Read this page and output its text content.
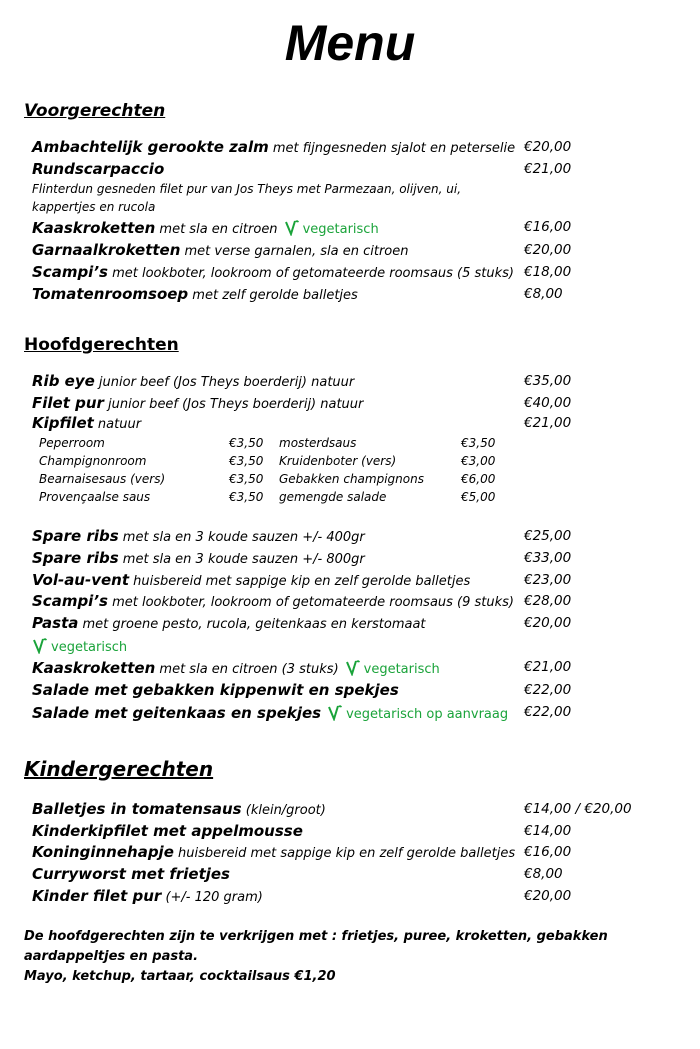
Menu
Voorgerechten
Ambachtelijk gerookte zalm met fijngesneden sjalot en peterselie €20,00
Rundscarpaccio	€21,00
Flinterdun gesneden filet pur van Jos Theys met Parmezaan, olijven, ui, kappertjes en rucola
Kaaskroketten met sla en citroen vegetarisch	€16,00
Garnaalkroketten met verse garnalen, sla en citroen	€20,00
Scampi’s met lookboter, lookroom of getomateerde roomsaus (5 stuks) €18,00
Tomatenroomsoep met zelf gerolde balletjes	€8,00
Hoofdgerechten
Rib eye junior beef (Jos Theys boerderij) natuur	€35,00
Filet pur junior beef (Jos Theys boerderij) natuur	€40,00
Kipfilet natuur	€21,00
Peperroom	€3,50 mosterdsaus	€3,50
Champignonroom	€3,50 Kruidenboter (vers)	€3,00
Bearnaisesaus (vers)	€3,50 Gebakken champignons	€6,00
Provençaalse saus	€3,50 gemengde salade	€5,00
Spare ribs met sla en 3 koude sauzen +/- 400gr	€25,00
Spare ribs met sla en 3 koude sauzen +/- 800gr	€33,00
Vol-au-vent huisbereid met sappige kip en zelf gerolde balletjes	€23,00
Scampi’s met lookboter, lookroom of getomateerde roomsaus (9 stuks) €28,00
Pasta met groene pesto, rucola, geitenkaas en kerstomaat	€20,00
vegetarisch
Kaaskroketten met sla en citroen (3 stuks) vegetarisch	€21,00
Salade met gebakken kippenwit en spekjes	€22,00
Salade met geitenkaas en spekjes vegetarisch op aanvraag €22,00
Kindergerechten
Balletjes in tomatensaus (klein/groot)	€14,00 / €20,00
Kinderkipfilet met appelmousse	€14,00
Koninginnehapje huisbereid met sappige kip en zelf gerolde balletjes €16,00
Curryworst met frietjes	€8,00
Kinder filet pur (+/- 120 gram)	€20,00
De hoofdgerechten zijn te verkrijgen met : frietjes, puree, kroketten, gebakken aardappeltjes en pasta.
Mayo, ketchup, tartaar, cocktailsaus €1,20
